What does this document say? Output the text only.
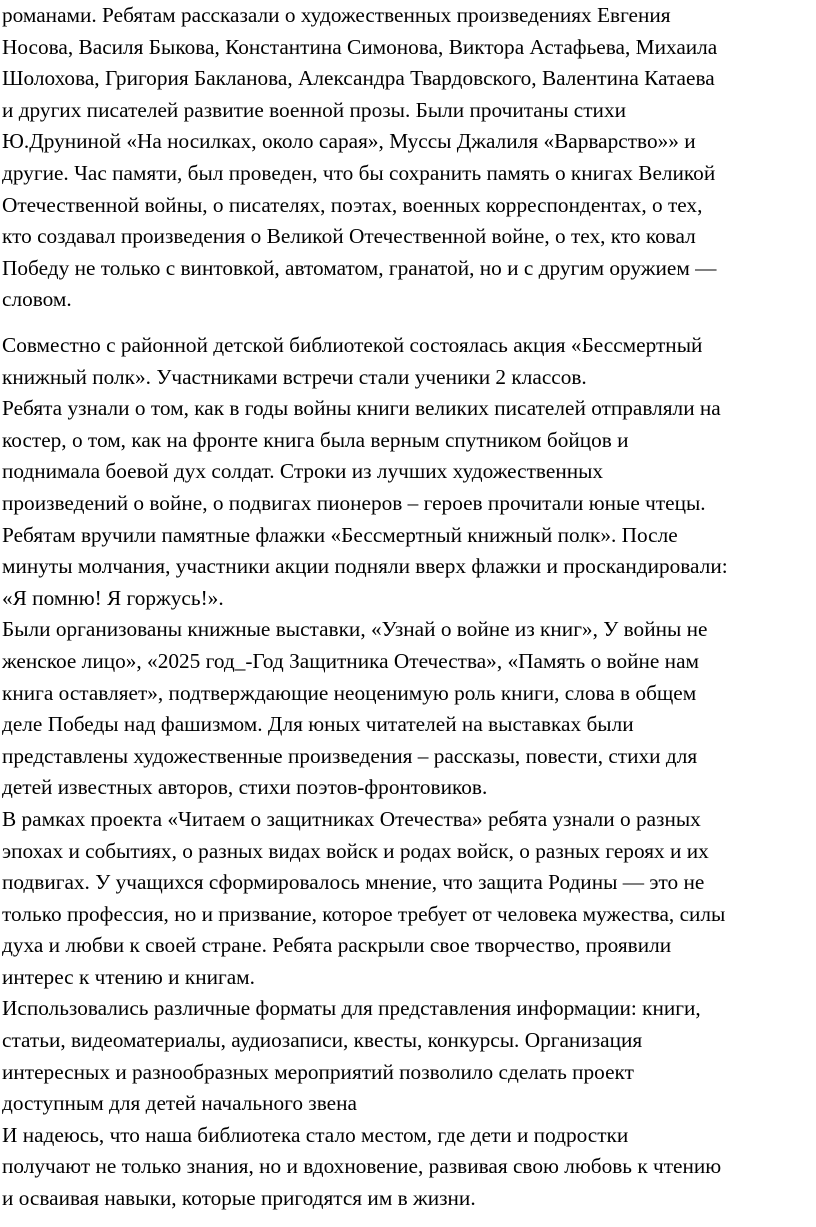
романами. Ребятам рассказали о художественных произведениях Евгения
Носова, Василя Быкова, Константина Симонова, Виктора Астафьева, Михаила
Шолохова, Григория Бакланова, Александра Твардовского, Валентина Катаева
и других писателей развитие военной прозы. Были прочитаны стихи
Ю.Друниной «На носилках, около сарая», Муссы Джалиля «Варварство»» и
другие. Час памяти, был проведен, что бы сохранить память о книгах Великой
Отечественной войны, о писателях, поэтах, военных корреспондентах, о тех,
кто создавал произведения о Великой Отечественной войне, о тех, кто ковал
Победу не только с винтовкой, автоматом, гранатой, но и с другим оружием —
словом.
Совместно с районной детской библиотекой состоялась акция «Бессмертный
книжный полк». Участниками встречи стали ученики 2 классов.
Ребята узнали о том, как в годы войны книги великих писателей отправляли на
костер, о том, как на фронте книга была верным спутником бойцов и
поднимала боевой дух солдат. Строки из лучших художественных
произведений о войне, о подвигах пионеров – героев прочитали юные чтецы.
Ребятам вручили памятные флажки «Бессмертный книжный полк». После
минуты молчания, участники акции подняли вверх флажки и проскандировали:
«Я помню! Я горжусь!».
Были организованы книжные выставки, «Узнай о войне из книг», У войны не
женское лицо», «2025 год_-Год Защитника Отечества», «Память о войне нам
книга оставляет», подтверждающие неоценимую роль книги, слова в общем
деле Победы над фашизмом. Для юных читателей на выставках были
представлены художественные произведения – рассказы, повести, стихи для
детей известных авторов, стихи поэтов-фронтовиков.
В рамках проекта «Читаем о защитниках Отечества» ребята узнали о разных
эпохах и событиях, о разных видах войск и родах войск, о разных героях и их
подвигах. У учащихся сформировалось мнение, что защита Родины — это не
только профессия, но и призвание, которое требует от человека мужества, силы
духа и любви к своей стране. Ребята раскрыли свое творчество, проявили
интерес к чтению и книгам.
Использовались различные форматы для представления информации: книги,
статьи, видеоматериалы, аудиозаписи, квесты, конкурсы. Организация
интересных и разнообразных мероприятий позволило сделать проект
доступным для детей начального звена
И надеюсь, что наша библиотека стало местом, где дети и подростки
получают не только знания, но и вдохновение, развивая свою любовь к чтению
и осваивая навыки, которые пригодятся им в жизни.
